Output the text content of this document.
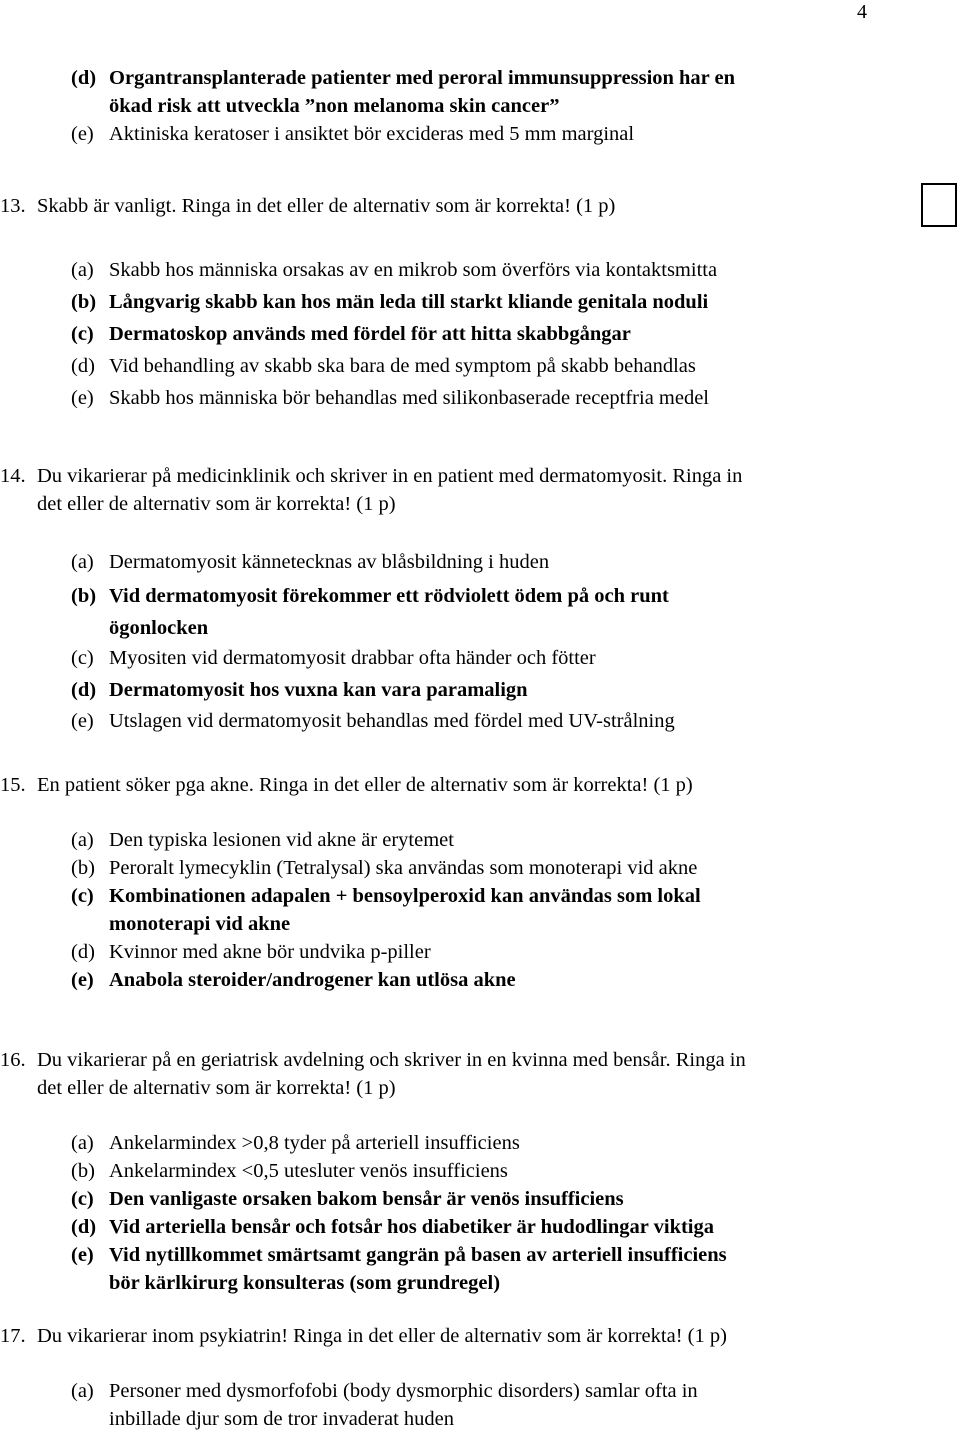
4
(d) Organtransplanterade patienter med peroral immunsuppression har en
ökad risk att utveckla ”non melanoma skin cancer”
(e) Aktiniska keratoser i ansiktet bör excideras med 5 mm marginal
13. Skabb är vanligt. Ringa in det eller de alternativ som är korrekta! (1 p)
(a) Skabb hos människa orsakas av en mikrob som överförs via kontaktsmitta
(b) Långvarig skabb kan hos män leda till starkt kliande genitala noduli
(c) Dermatoskop används med fördel för att hitta skabbgångar
(d) Vid behandling av skabb ska bara de med symptom på skabb behandlas
(e) Skabb hos människa bör behandlas med silikonbaserade receptfria medel
14. Du vikarierar på medicinklinik och skriver in en patient med dermatomyosit. Ringa in
det eller de alternativ som är korrekta! (1 p)
(a) Dermatomyosit kännetecknas av blåsbildning i huden
(b) Vid dermatomyosit förekommer ett rödviolett ödem på och runt
ögonlocken
(c) Myositen vid dermatomyosit drabbar ofta händer och fötter
(d) Dermatomyosit hos vuxna kan vara paramalign
(e) Utslagen vid dermatomyosit behandlas med fördel med UV-strålning
15. En patient söker pga akne. Ringa in det eller de alternativ som är korrekta! (1 p)
(a) Den typiska lesionen vid akne är erytemet
(b) Peroralt lymecyklin (Tetralysal) ska användas som monoterapi vid akne
(c) Kombinationen adapalen + bensoylperoxid kan användas som lokal
monoterapi vid akne
(d) Kvinnor med akne bör undvika p-piller
(e) Anabola steroider/androgener kan utlösa akne
16. Du vikarierar på en geriatrisk avdelning och skriver in en kvinna med bensår. Ringa in
det eller de alternativ som är korrekta! (1 p)
(a) Ankelarmindex >0,8 tyder på arteriell insufficiens
(b) Ankelarmindex <0,5 utesluter venös insufficiens
(c) Den vanligaste orsaken bakom bensår är venös insufficiens
(d) Vid arteriella bensår och fotsår hos diabetiker är hudodlingar viktiga
(e) Vid nytillkommet smärtsamt gangrän på basen av arteriell insufficiens
bör kärlkirurg konsulteras (som grundregel)
17. Du vikarierar inom psykiatrin! Ringa in det eller de alternativ som är korrekta! (1 p)
(a) Personer med dysmorfofobi (body dysmorphic disorders) samlar ofta in
inbillade djur som de tror invaderat huden
